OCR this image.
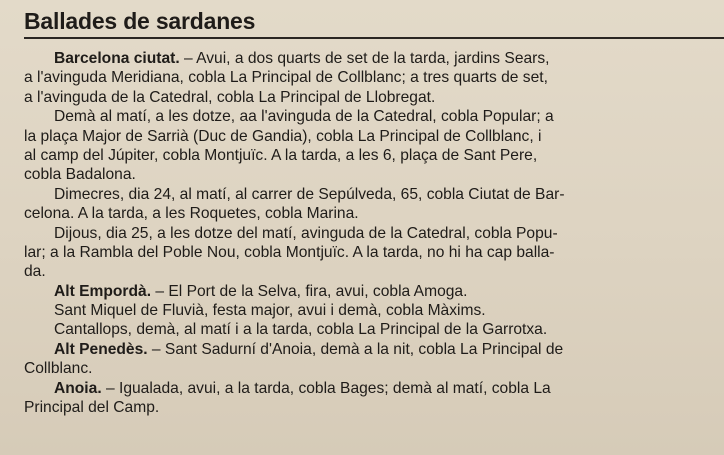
Ballades de sardanes
Barcelona ciutat. – Avui, a dos quarts de set de la tarda, jardins Sears,
a l'avinguda Meridiana, cobla La Principal de Collblanc; a tres quarts de set,
a l'avinguda de la Catedral, cobla La Principal de Llobregat.
Demà al matí, a les dotze, aa l'avinguda de la Catedral, cobla Popular; a
la plaça Major de Sarrià (Duc de Gandia), cobla La Principal de Collblanc, i
al camp del Júpiter, cobla Montjuïc. A la tarda, a les 6, plaça de Sant Pere,
cobla Badalona.
Dimecres, dia 24, al matí, al carrer de Sepúlveda, 65, cobla Ciutat de Bar-
celona. A la tarda, a les Roquetes, cobla Marina.
Dijous, dia 25, a les dotze del matí, avinguda de la Catedral, cobla Popu-
lar; a la Rambla del Poble Nou, cobla Montjuïc. A la tarda, no hi ha cap balla-
da.
Alt Empordà. – El Port de la Selva, fira, avui, cobla Amoga.
Sant Miquel de Fluvià, festa major, avui i demà, cobla Màxims.
Cantallops, demà, al matí i a la tarda, cobla La Principal de la Garrotxa.
Alt Penedès. – Sant Sadurní d'Anoia, demà a la nit, cobla La Principal de
Collblanc.
Anoia. – Igualada, avui, a la tarda, cobla Bages; demà al matí, cobla La
Principal del Camp.
